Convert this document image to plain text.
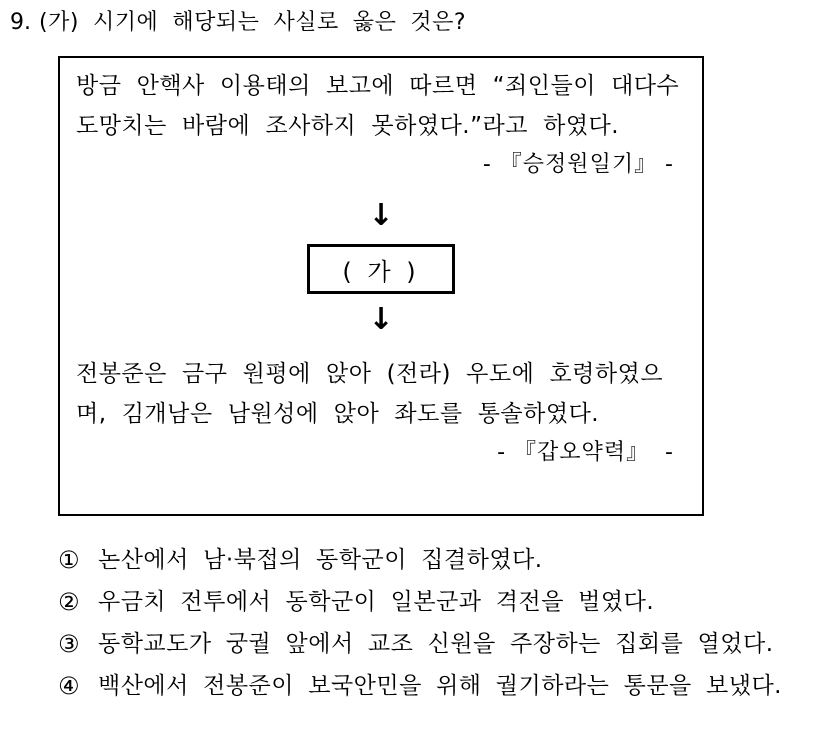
9. (가) 시기에 해당되는 사실로 옳은 것은?

방금 안핵사 이용태의 보고에 따르면 “죄인들이 대다수 도망치는 바람에 조사하지 못하였다.”라고 하였다.

- 『승정원일기』 -
↓
( 가 )
↓

전봉준은 금구 원평에 앉아 (전라) 우도에 호령하였으며, 김개남은 남원성에 앉아 좌도를 통솔하였다.

- 『갑오약력』  -
① 논산에서 남·북접의 동학군이 집결하였다.
② 우금치 전투에서 동학군이 일본군과 격전을 벌였다.
③ 동학교도가 궁궐 앞에서 교조 신원을 주장하는 집회를 열었다.
④ 백산에서 전봉준이 보국안민을 위해 궐기하라는 통문을 보냈다.
